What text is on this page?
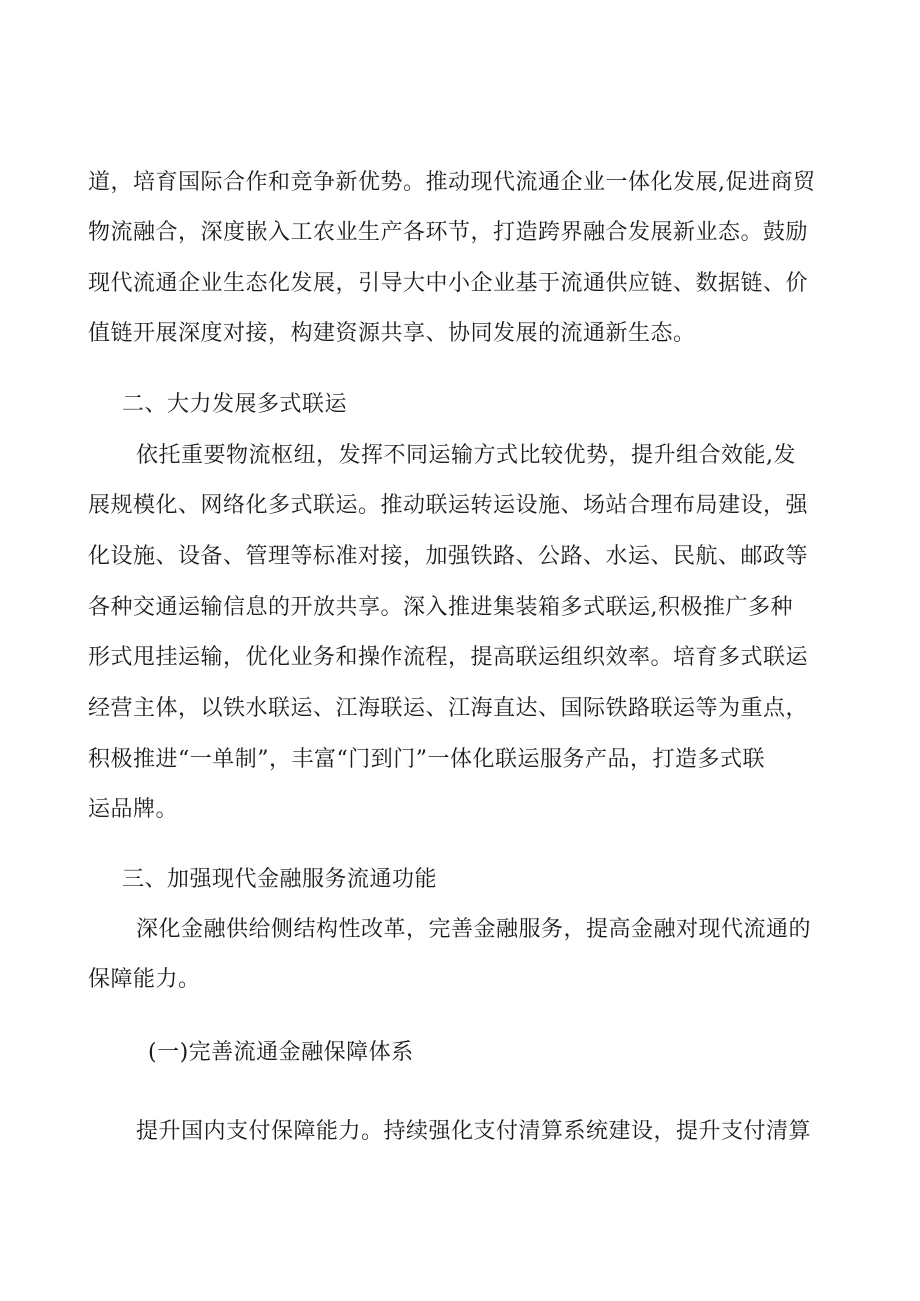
道，培育国际合作和竞争新优势。推动现代流通企业一体化发展,促进商贸
物流融合，深度嵌入工农业生产各环节，打造跨界融合发展新业态。鼓励
现代流通企业生态化发展，引导大中小企业基于流通供应链、数据链、价
值链开展深度对接，构建资源共享、协同发展的流通新生态。
二、大力发展多式联运
依托重要物流枢纽，发挥不同运输方式比较优势，提升组合效能,发
展规模化、网络化多式联运。推动联运转运设施、场站合理布局建设，强
化设施、设备、管理等标准对接，加强铁路、公路、水运、民航、邮政等
各种交通运输信息的开放共享。深入推进集装箱多式联运,积极推广多种
形式甩挂运输，优化业务和操作流程，提高联运组织效率。培育多式联运
经营主体，以铁水联运、江海联运、江海直达、国际铁路联运等为重点，
积极推进“一单制”，丰富“门到门”一体化联运服务产品，打造多式联
运品牌。
三、加强现代金融服务流通功能
深化金融供给侧结构性改革，完善金融服务，提高金融对现代流通的
保障能力。
(一)完善流通金融保障体系
提升国内支付保障能力。持续强化支付清算系统建设，提升支付清算
